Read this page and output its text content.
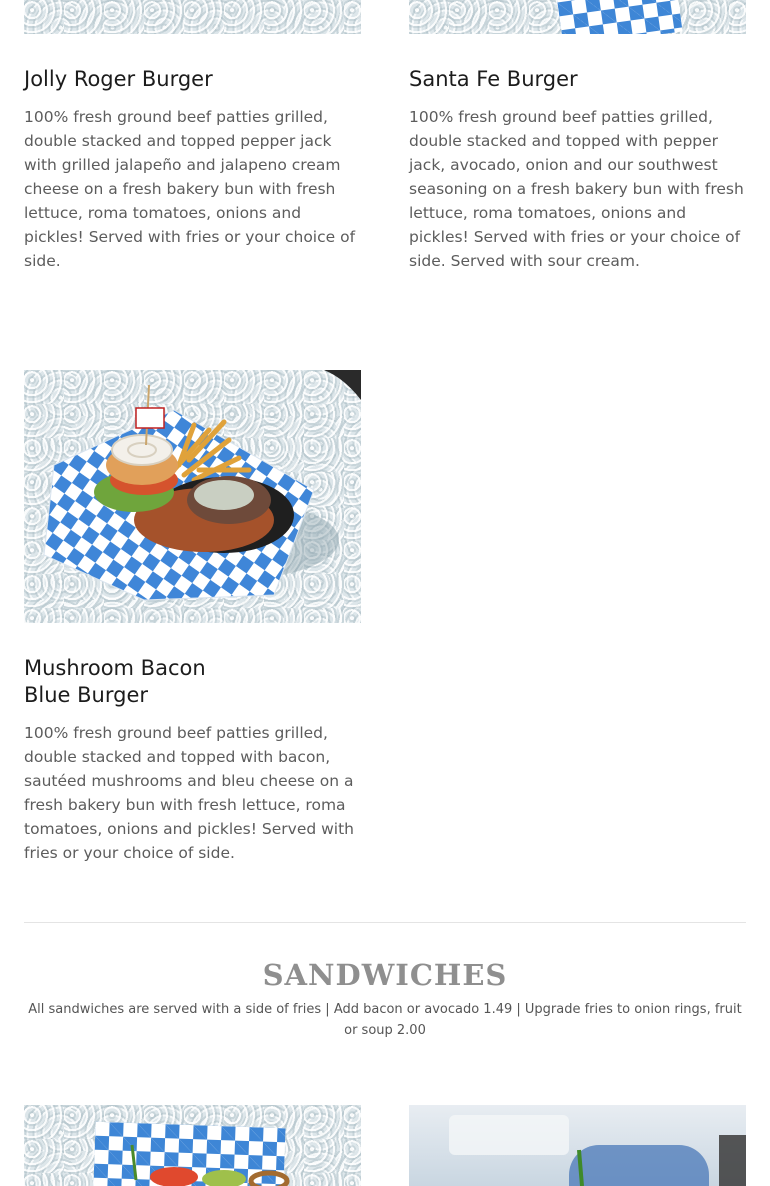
Jolly Roger Burger

100% fresh ground beef patties grilled, double stacked and topped pepper jack with grilled jalapeño and jalapeno cream cheese on a fresh bakery bun with fresh lettuce, roma tomatoes, onions and pickles! Served with fries or your choice of side.

Santa Fe Burger

100% fresh ground beef patties grilled, double stacked and topped with pepper jack, avocado, onion and our southwest seasoning on a fresh bakery bun with fresh lettuce, roma tomatoes, onions and pickles! Served with fries or your choice of side. Served with sour cream.

Mushroom Bacon
Blue Burger

100% fresh ground beef patties grilled, double stacked and topped with bacon, sautéed mushrooms and bleu cheese on a fresh bakery bun with fresh lettuce, roma tomatoes, onions and pickles! Served with fries or your choice of side.

SANDWICHES

All sandwiches are served with a side of fries | Add bacon or avocado 1.49 | Upgrade fries to onion rings, fruit or soup 2.00
